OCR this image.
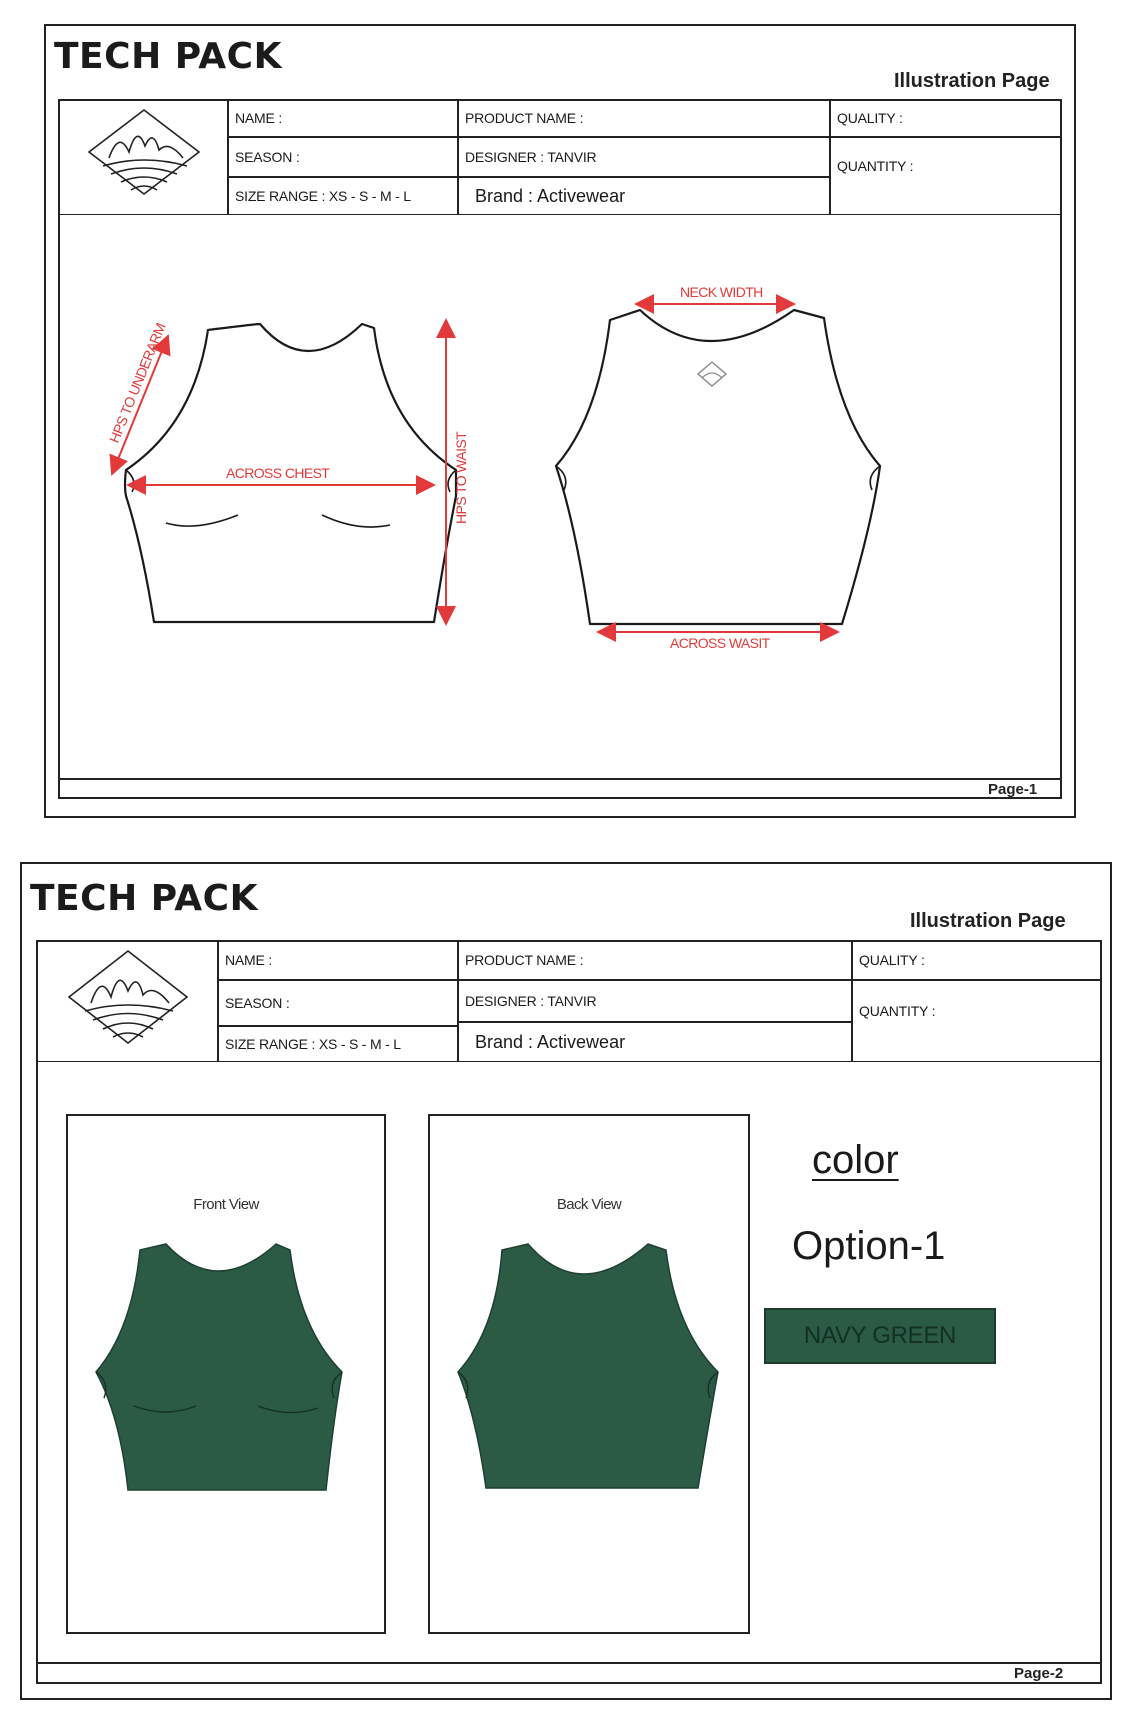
TECH PACK
Illustration Page
NAME :
SEASON :
SIZE RANGE : XS - S - M - L
PRODUCT NAME :
DESIGNER : TANVIR
Brand : Activewear
QUALITY :
QUANTITY :
HPS TO UNDERARM
ACROSS CHEST	HPS TO WAIST
NECK WIDTH
ACROSS WASIT
Page-1
TECH PACK
Illustration Page
NAME :
SEASON :
SIZE RANGE : XS - S - M - L
PRODUCT NAME :
DESIGNER : TANVIR
Brand : Activewear
QUALITY :
QUANTITY :
Front View	Back View
color
Option-1
NAVY GREEN
Page-2
